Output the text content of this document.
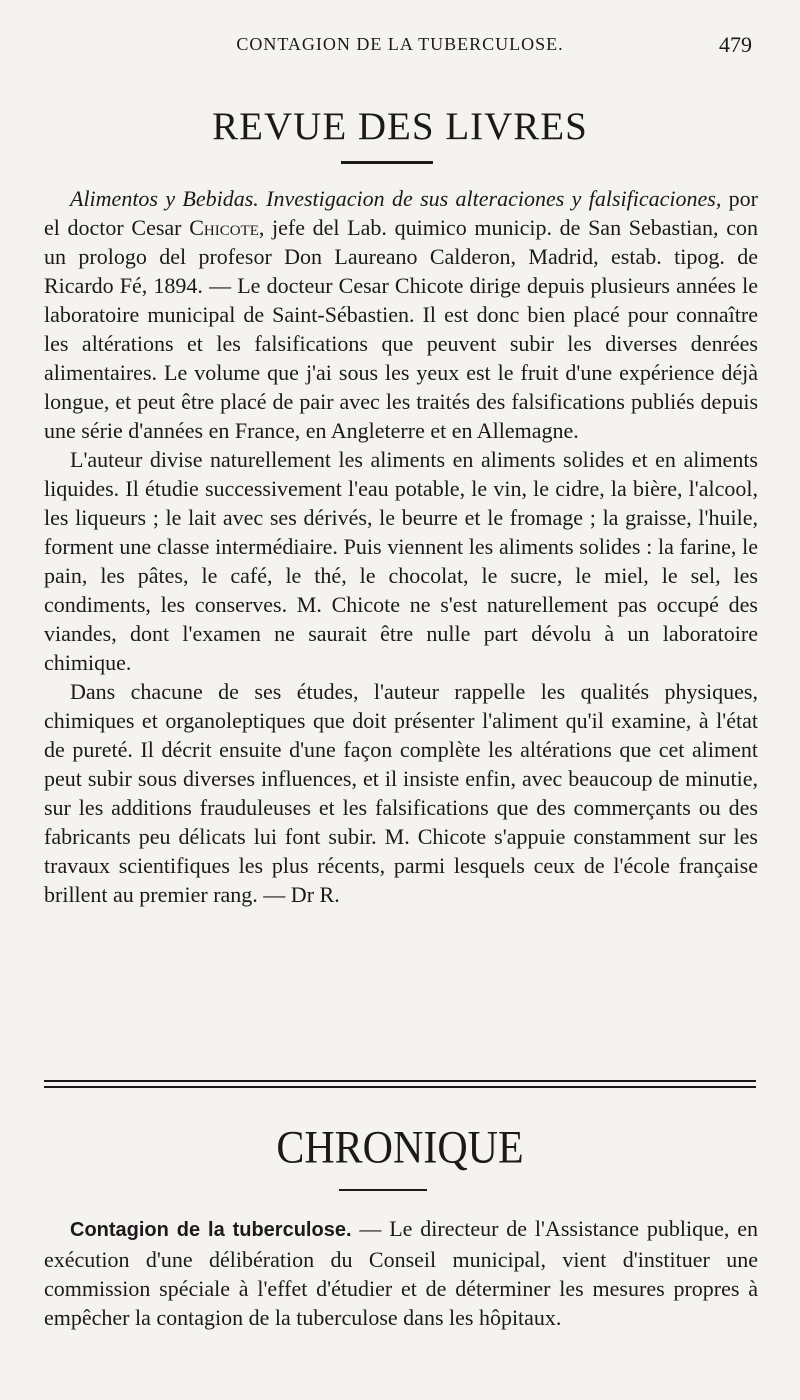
CONTAGION DE LA TUBERCULOSE.	479
REVUE DES LIVRES

Alimentos y Bebidas. Investigacion de sus alteraciones y falsificaciones, por el doctor Cesar Chicote, jefe del Lab. quimico municip. de San Sebastian, con un prologo del profesor Don Laureano Calderon, Madrid, estab. tipog. de Ricardo Fé, 1894. — Le docteur Cesar Chicote dirige depuis plusieurs années le laboratoire municipal de Saint-Sébastien. Il est donc bien placé pour connaître les altérations et les falsifications que peuvent subir les diverses denrées alimentaires. Le volume que j'ai sous les yeux est le fruit d'une expérience déjà longue, et peut être placé de pair avec les traités des falsifications publiés depuis une série d'années en France, en Angleterre et en Allemagne.

L'auteur divise naturellement les aliments en aliments solides et en aliments liquides. Il étudie successivement l'eau potable, le vin, le cidre, la bière, l'alcool, les liqueurs ; le lait avec ses dérivés, le beurre et le fromage ; la graisse, l'huile, forment une classe intermédiaire. Puis viennent les aliments solides : la farine, le pain, les pâtes, le café, le thé, le chocolat, le sucre, le miel, le sel, les condiments, les conserves. M. Chicote ne s'est naturellement pas occupé des viandes, dont l'examen ne saurait être nulle part dévolu à un laboratoire chimique.

Dans chacune de ses études, l'auteur rappelle les qualités physiques, chimiques et organoleptiques que doit présenter l'aliment qu'il examine, à l'état de pureté. Il décrit ensuite d'une façon complète les altérations que cet aliment peut subir sous diverses influences, et il insiste enfin, avec beaucoup de minutie, sur les additions frauduleuses et les falsifications que des commerçants ou des fabricants peu délicats lui font subir. M. Chicote s'appuie constamment sur les travaux scientifiques les plus récents, parmi lesquels ceux de l'école française brillent au premier rang. — Dr R.

CHRONIQUE

Contagion de la tuberculose. — Le directeur de l'Assistance publique, en exécution d'une délibération du Conseil municipal, vient d'instituer une commission spéciale à l'effet d'étudier et de déterminer les mesures propres à empêcher la contagion de la tuberculose dans les hôpitaux.
